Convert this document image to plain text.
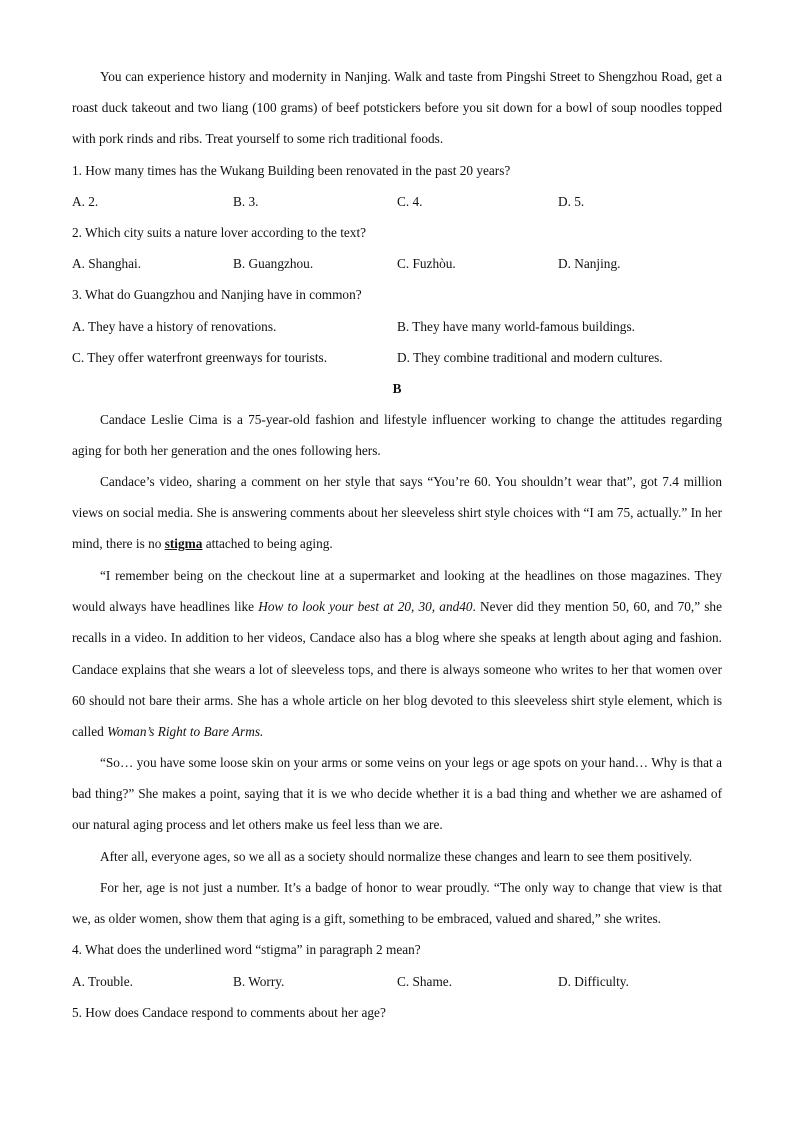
You can experience history and modernity in Nanjing. Walk and taste from Pingshi Street to Shengzhou Road, get a roast duck takeout and two liang (100 grams) of beef potstickers before you sit down for a bowl of soup noodles topped with pork rinds and ribs. Treat yourself to some rich traditional foods.
1. How many times has the Wukang Building been renovated in the past 20 years?
A. 2.	B. 3.	C. 4.	D. 5.
2. Which city suits a nature lover according to the text?
A. Shanghai.	B. Guangzhou.	C. Fuzhòu.	D. Nanjing.
3. What do Guangzhou and Nanjing have in common?
A. They have a history of renovations.	B. They have many world-famous buildings.
C. They offer waterfront greenways for tourists.	D. They combine traditional and modern cultures.
B
Candace Leslie Cima is a 75-year-old fashion and lifestyle influencer working to change the attitudes regarding aging for both her generation and the ones following hers.
Candace’s video, sharing a comment on her style that says “You’re 60. You shouldn’t wear that”, got 7.4 million views on social media. She is answering comments about her sleeveless shirt style choices with “I am 75, actually.” In her mind, there is no stigma attached to being aging.
“I remember being on the checkout line at a supermarket and looking at the headlines on those magazines. They would always have headlines like How to look your best at 20, 30, and40. Never did they mention 50, 60, and 70,” she recalls in a video. In addition to her videos, Candace also has a blog where she speaks at length about aging and fashion. Candace explains that she wears a lot of sleeveless tops, and there is always someone who writes to her that women over 60 should not bare their arms. She has a whole article on her blog devoted to this sleeveless shirt style element, which is called Woman’s Right to Bare Arms.
“So… you have some loose skin on your arms or some veins on your legs or age spots on your hand… Why is that a bad thing?” She makes a point, saying that it is we who decide whether it is a bad thing and whether we are ashamed of our natural aging process and let others make us feel less than we are.
After all, everyone ages, so we all as a society should normalize these changes and learn to see them positively.
For her, age is not just a number. It’s a badge of honor to wear proudly. “The only way to change that view is that we, as older women, show them that aging is a gift, something to be embraced, valued and shared,” she writes.
4. What does the underlined word “stigma” in paragraph 2 mean?
A. Trouble.	B. Worry.	C. Shame.	D. Difficulty.
5. How does Candace respond to comments about her age?
